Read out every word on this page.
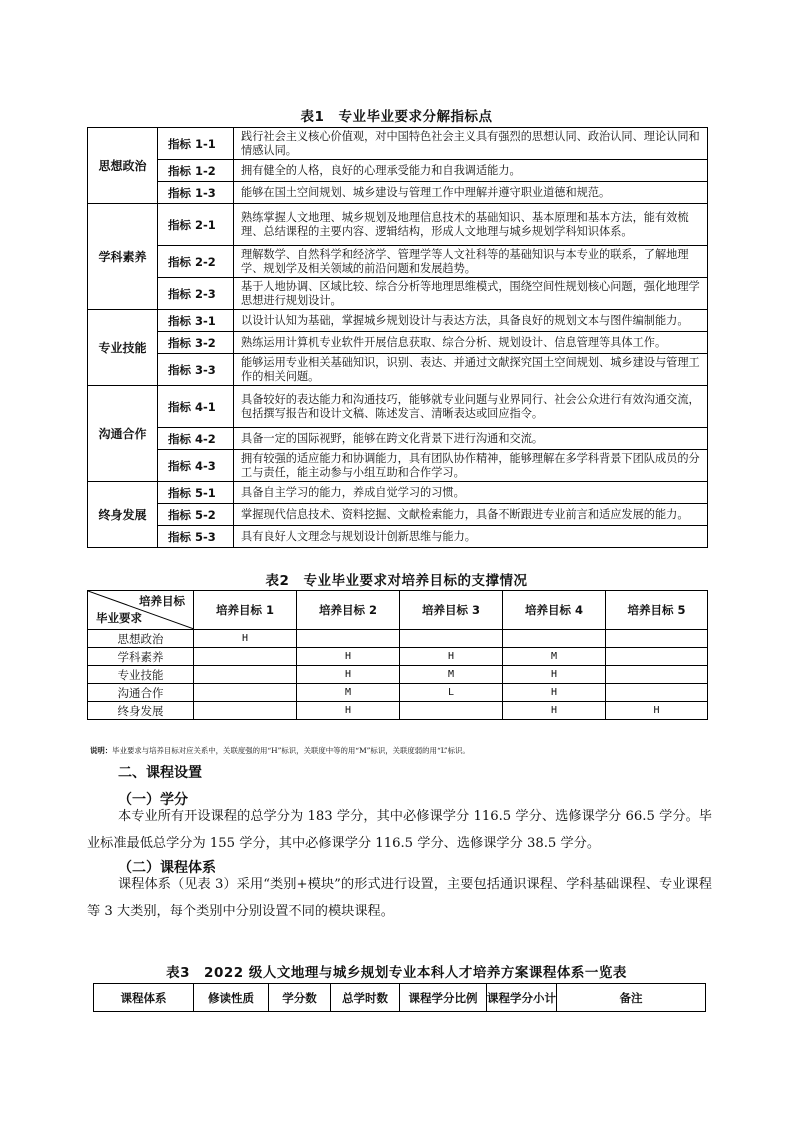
表1　专业毕业要求分解指标点
思想政治	指标 1-1	践行社会主义核心价值观，对中国特色社会主义具有强烈的思想认同、政治认同、理论认同和情感认同。
	指标 1-2	拥有健全的人格，良好的心理承受能力和自我调适能力。
	指标 1-3	能够在国土空间规划、城乡建设与管理工作中理解并遵守职业道德和规范。
学科素养	指标 2-1	熟练掌握人文地理、城乡规划及地理信息技术的基础知识、基本原理和基本方法，能有效梳理、总结课程的主要内容、逻辑结构，形成人文地理与城乡规划学科知识体系。
	指标 2-2	理解数学、自然科学和经济学、管理学等人文社科等的基础知识与本专业的联系，了解地理学、规划学及相关领域的前沿问题和发展趋势。
	指标 2-3	基于人地协调、区域比较、综合分析等地理思维模式，围绕空间性规划核心问题，强化地理学思想进行规划设计。
专业技能	指标 3-1	以设计认知为基础，掌握城乡规划设计与表达方法，具备良好的规划文本与图件编制能力。
	指标 3-2	熟练运用计算机专业软件开展信息获取、综合分析、规划设计、信息管理等具体工作。
	指标 3-3	能够运用专业相关基础知识，识别、表达、并通过文献探究国土空间规划、城乡建设与管理工作的相关问题。
沟通合作	指标 4-1	具备较好的表达能力和沟通技巧，能够就专业问题与业界同行、社会公众进行有效沟通交流，包括撰写报告和设计文稿、陈述发言、清晰表达或回应指令。
	指标 4-2	具备一定的国际视野，能够在跨文化背景下进行沟通和交流。
	指标 4-3	拥有较强的适应能力和协调能力，具有团队协作精神，能够理解在多学科背景下团队成员的分工与责任，能主动参与小组互助和合作学习。
终身发展	指标 5-1	具备自主学习的能力，养成自觉学习的习惯。
	指标 5-2	掌握现代信息技术、资料挖掘、文献检索能力，具备不断跟进专业前言和适应发展的能力。
	指标 5-3	具有良好人文理念与规划设计创新思维与能力。
表2　专业毕业要求对培养目标的支撑情况
培养目标
毕业要求	培养目标 1	培养目标 2	培养目标 3	培养目标 4	培养目标 5
思想政治	H				
学科素养		H	H	M	
专业技能		H	M	H	
沟通合作		M	L	H	
终身发展		H		H	H
说明：毕业要求与培养目标对应关系中，关联度强的用“H”标识，关联度中等的用“M”标识，关联度弱的用“L”标识。
二、课程设置
（一）学分
本专业所有开设课程的总学分为 183 学分，其中必修课学分 116.5 学分、选修课学分 66.5 学分。毕业标准最低总学分为 155 学分，其中必修课学分 116.5 学分、选修课学分 38.5 学分。
（二）课程体系
课程体系（见表 3）采用“类别+模块”的形式进行设置，主要包括通识课程、学科基础课程、专业课程等 3 大类别，每个类别中分别设置不同的模块课程。
表3　2022 级人文地理与城乡规划专业本科人才培养方案课程体系一览表
课程体系	修读性质	学分数	总学时数	课程学分比例	课程学分小计	备注
